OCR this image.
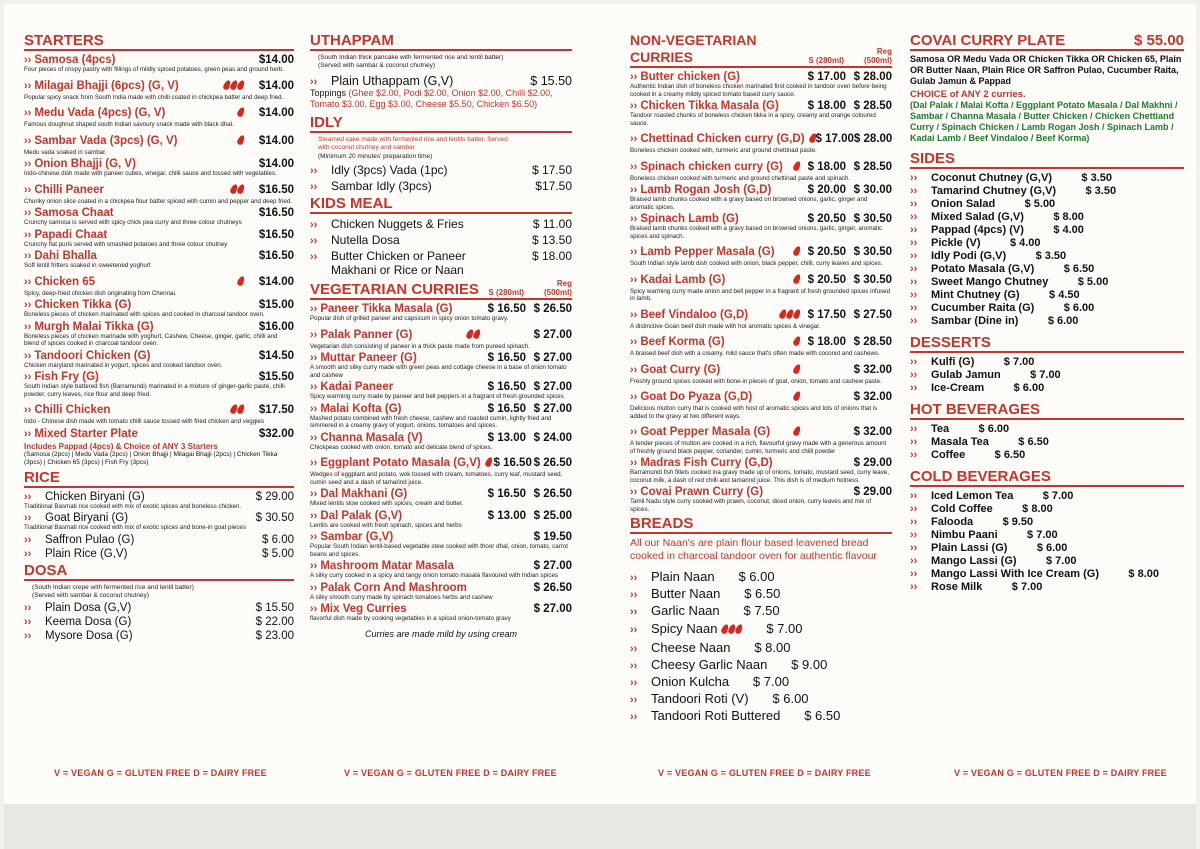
STARTERS
›› Samosa (4pcs)	$14.00
Four pieces of crispy pastry with fillings of mildly spiced potatoes, green peas and ground herb.
›› Milagai Bhajji (6pcs) (G, V)	$14.00
Popular spicy snack from South India made with chilli coated in chickpea batter and deep fried.
›› Medu Vada (4pcs) (G, V)	$14.00
Famous doughnut shaped south Indian savoury snack made with black dhal.
›› Sambar Vada (3pcs) (G, V)	$14.00
Medu vada soaked in sambar.
›› Onion Bhajji (G, V)	$14.00
Indo-chinese dish made with paneer cubes, vinegar, chilli sauce and tossed with vegetables.
›› Chilli Paneer	$16.50
Chunky onion slice coated in a chickpea flour batter spiced with cumin and pepper and deep fried.
›› Samosa Chaat	$16.50
Crunchy samosa is served with spicy chick pea curry and three colour chutneys
›› Papadi Chaat	$16.50
Crunchy flat puris served with smashed potatoes and three colour chutney
›› Dahi Bhalla	$16.50
Soft lentil fritters soaked in sweetened yoghurt
›› Chicken 65	$14.00
Spicy, deep-fried chicken dish originating from Chennai.
›› Chicken Tikka (G)	$15.00
Boneless pieces of chicken marinated with spices and cooked in charcoal tandoor oven.
›› Murgh Malai Tikka (G)	$16.00
Boneless pieces of chicken marinade with yoghurt, Cashew, Cheese, ginger, garlic, chilli and blend of spices cooked in charcoal tandoor oven.
›› Tandoori Chicken (G)	$14.50
Chicken maryland marinated in yogurt, spices and cooked tandoor oven.
›› Fish Fry (G)	$15.50
South Indian style battered fish (Barramundi) marinated in a mixture of ginger-garlic paste, chilli powder, curry leaves, rice flour and deep fried.
›› Chilli Chicken	$17.50
Indo - Chinese dish made with tomato chilli sauce tossed with fried chicken and veggies
›› Mixed Starter Plate	$32.00

Includes Pappad (4pcs) & Choice of ANY 3 Starters

(Samosa (2pcs) | Medu Vada (2pcs) | Onion Bhajji | Milagai Bhajji (2pcs) | Chicken Tikka (3pcs) | Chicken 65 (3pcs) | Fish Fry (3pcs)

RICE
››	Chicken Biryani (G)	$ 29.00
Traditional Basmati rice cooked with mix of exotic spices and boneless chicken.
››	Goat Biryani (G)	$ 30.50
Traditional Basmati rice cooked with mix of exotic spices and bone-in goat pieces
››	Saffron Pulao (G)	$ 6.00
››	Plain Rice (G,V)	$ 5.00
DOSA

(South Indian crepe with fermented rice and lentil batter)

(Served with sambar & coconut chutney)

››	Plain Dosa (G,V)	$ 15.50
››	Keema Dosa (G)	$ 22.00
››	Mysore Dosa (G)	$ 23.00
V = VEGAN G = GLUTEN FREE D = DAIRY FREE
UTHAPPAM

(South Indian thick pancake with fermented rice and lentil batter)

(Served with sambar & coconut chutney)

››	Plain Uthappam (G,V)	$ 15.50

Toppings (Ghee $2.00, Podi $2.00, Onion $2.00, Chilli $2.00, Tomato $3.00, Egg $3.00, Cheese $5.50, Chicken $6.50)

IDLY

Steamed cake made with fermented rice and lentils batter. Served

with coconut chutney and sambar

(Minimum 20 minutes' preparation time)

››	Idly (3pcs) Vada (1pc)	$ 17.50
››	Sambar Idly (3pcs)	$17.50
KIDS MEAL
››	Chicken Nuggets & Fries	$ 11.00
››	Nutella Dosa	$ 13.50
››	Butter Chicken or Paneer	$ 18.00
Makhani or Rice or Naan
VEGETARIAN CURRIES	S (280ml)
Reg (500ml)
›› Paneer Tikka Masala (G)	$ 16.50 $ 26.50
Popular dish of grilled paneer and capsicum in spicy onion tomato gravy.
›› Palak Panner (G)	$ 27.00
Vegetarian dish consisting of paneer in a thick paste made from pureed spinach.
›› Muttar Paneer (G)	$ 16.50 $ 27.00
A smooth and silky curry made with green peas and cottage cheese in a base of onion tomato and cashew
›› Kadai Paneer	$ 16.50 $ 27.00
Spicy warming curry made by paneer and bell peppers in a fragrant of fresh grounded spices
›› Malai Kofta (G)	$ 16.50 $ 27.00
Mashed potato combined with fresh cheese, cashew and roasted cumin, lightly fried and simmered in a creamy gravy of yogurt, onions, tomatoes and spices.
›› Channa Masala (V)	$ 13.00 $ 24.00
Chickpeas cooked with onion, tomato and delicate blend of spices.
›› Eggplant Potato Masala (G,V) $ 16.50 $ 26.50
Wedges of eggplant and potato, wok tossed with cream, tomatoes, curry leaf, mustard seed, cumin seed and a dash of tamarind juice.
›› Dal Makhani (G)	$ 16.50 $ 26.50
Mixed lentils slow cooked with spices, cream and butter.
›› Dal Palak (G,V)	$ 13.00 $ 25.00
Lentils are cooked with fresh spinach, spices and herbs
›› Sambar (G,V)	$ 19.50
Popular South Indian lentil-based vegetable stew cooked with thoor dhal, onion, tomato, carrot beans and spices.
›› Mashroom Matar Masala	$ 27.00
A silky curry cooked in a spicy and tangy onion tomato masala flavoured with Indian spices
›› Palak Corn And Mashroom	$ 26.50
A silky smooth curry made by spinach tomatoes herbs and cashew
›› Mix Veg Curries	$ 27.00
flavorful dish made by cooking vegetables in a spiced onion-tomato gravy

Curries are made mild by using cream

V = VEGAN G = GLUTEN FREE D = DAIRY FREE
NON-VEGETARIAN CURRIES	S (280ml)
Reg (500ml)
›› Butter chicken (G)	$ 17.00 $ 28.00
Authentic Indian dish of boneless chicken marinated first cooked in tandoor oven before being cooked in a creamy mildly spiced tomato based curry sauce.
›› Chicken Tikka Masala (G)	$ 18.00 $ 28.50
Tandoor roasted chunks of boneless chicken tikka in a spicy, creamy and orange coloured sauce.
›› Chettinad Chicken curry (G,D) $ 17.00 $ 28.00
Boneless chicken cooked with, turmeric and ground chettinad paste.
›› Spinach chicken curry (G)	$ 18.00 $ 28.50
Boneless chicken cooked with turmeric and ground chettinad paste and spinach.
›› Lamb Rogan Josh (G,D)	$ 20.00 $ 30.00
Braised lamb chunks cooked with a gravy based on browned onions, garlic, ginger and aromatic spices.
›› Spinach Lamb (G)	$ 20.50 $ 30.50
Braised lamb chunks cooked with a gravy based on browned onions, garlic, ginger, aromatic spices and spinach.
›› Lamb Pepper Masala (G)	$ 20.50 $ 30.50
South Indian style lamb dish cooked with onion, black pepper, chilli, curry leaves and spices.
›› Kadai Lamb (G)	$ 20.50 $ 30.50
Spicy warming curry made onion and bell pepper in a fragrant of fresh grounded spices infused in lamb.
›› Beef Vindaloo (G,D)	$ 17.50 $ 27.50
A distinctive Goan beef dish made with hot aromatic spices & vinegar.
›› Beef Korma (G)	$ 18.00 $ 28.50
A braised beef dish with a creamy, mild sauce that's often made with coconut and cashews.
›› Goat Curry (G)	$ 32.00
Freshly ground spices cooked with bone-in pieces of goat, onion, tomato and cashew paste.
›› Goat Do Pyaza (G,D)	$ 32.00
Delicious mutton curry that is cooked with host of aromatic spices and lots of onions that is added to the gravy at two different ways.
›› Goat Pepper Masala (G)	$ 32.00
A tender pieces of mutton are cooked in a rich, flavourful gravy made with a generous amount of freshly ground black pepper, coriander, cumin, turmeric and chilli powder
›› Madras Fish Curry (G,D)	$ 29.00
Barramundi fish fillets cooked ina gravy made up of onions, tomato, mustard seed, curry leave, coconut milk, a dash of red chilli and tamarind juice. This dish is of medium hotness.
›› Covai Prawn Curry (G)	$ 29.00
Tamil Nadu style curry cooked with prawn, coconut, diced onion, curry leaves and mix of spices.
BREADS

All our Naan's are plain flour based leavened bread cooked in charcoal tandoor oven for authentic flavour

››	Plain Naan	$ 6.00
››	Butter Naan	$ 6.50
››	Garlic Naan	$ 7.50
››	Spicy Naan	$ 7.00
››	Cheese Naan	$ 8.00
››	Cheesy Garlic Naan	$ 9.00
››	Onion Kulcha	$ 7.00
››	Tandoori Roti (V)	$ 6.00
››	Tandoori Roti Buttered	$ 6.50
V = VEGAN G = GLUTEN FREE D = DAIRY FREE
COVAI CURRY PLATE	$ 55.00

Samosa OR Medu Vada OR Chicken Tikka OR Chicken 65, Plain OR Butter Naan, Plain Rice OR Saffron Pulao, Cucumber Raita, Gulab Jamun & Pappad

CHOICE of ANY 2 curries.

(Dal Palak / Malai Kofta / Eggplant Potato Masala / Dal Makhni / Sambar / Channa Masala / Butter Chicken / Chicken Chettiand Curry / Spinach Chicken / Lamb Rogan Josh / Spinach Lamb / Kadai Lamb / Beef Vindaloo / Beef Korma)

SIDES
››	Coconut Chutney (G,V)	$ 3.50
››	Tamarind Chutney (G,V)	$ 3.50
››	Onion Salad	$ 5.00
››	Mixed Salad (G,V)	$ 8.00
››	Pappad (4pcs) (V)	$ 4.00
››	Pickle (V)	$ 4.00
››	Idly Podi (G,V)	$ 3.50
››	Potato Masala (G,V)	$ 6.50
››	Sweet Mango Chutney	$ 5.00
››	Mint Chutney (G)	$ 4.50
››	Cucumber Raita (G)	$ 6.00
››	Sambar (Dine in)	$ 6.00
DESSERTS
››	Kulfi (G)	$ 7.00
››	Gulab Jamun	$ 7.00
››	Ice-Cream	$ 6.00
HOT BEVERAGES
››	Tea	$ 6.00
››	Masala Tea	$ 6.50
››	Coffee	$ 6.50
COLD BEVERAGES
››	Iced Lemon Tea	$ 7.00
››	Cold Coffee	$ 8.00
››	Falooda	$ 9.50
››	Nimbu Paani	$ 7.00
››	Plain Lassi (G)	$ 6.00
››	Mango Lassi (G)	$ 7.00
››	Mango Lassi With Ice Cream (G)	$ 8.00
››	Rose Milk	$ 7.00
V = VEGAN G = GLUTEN FREE D = DAIRY FREE
